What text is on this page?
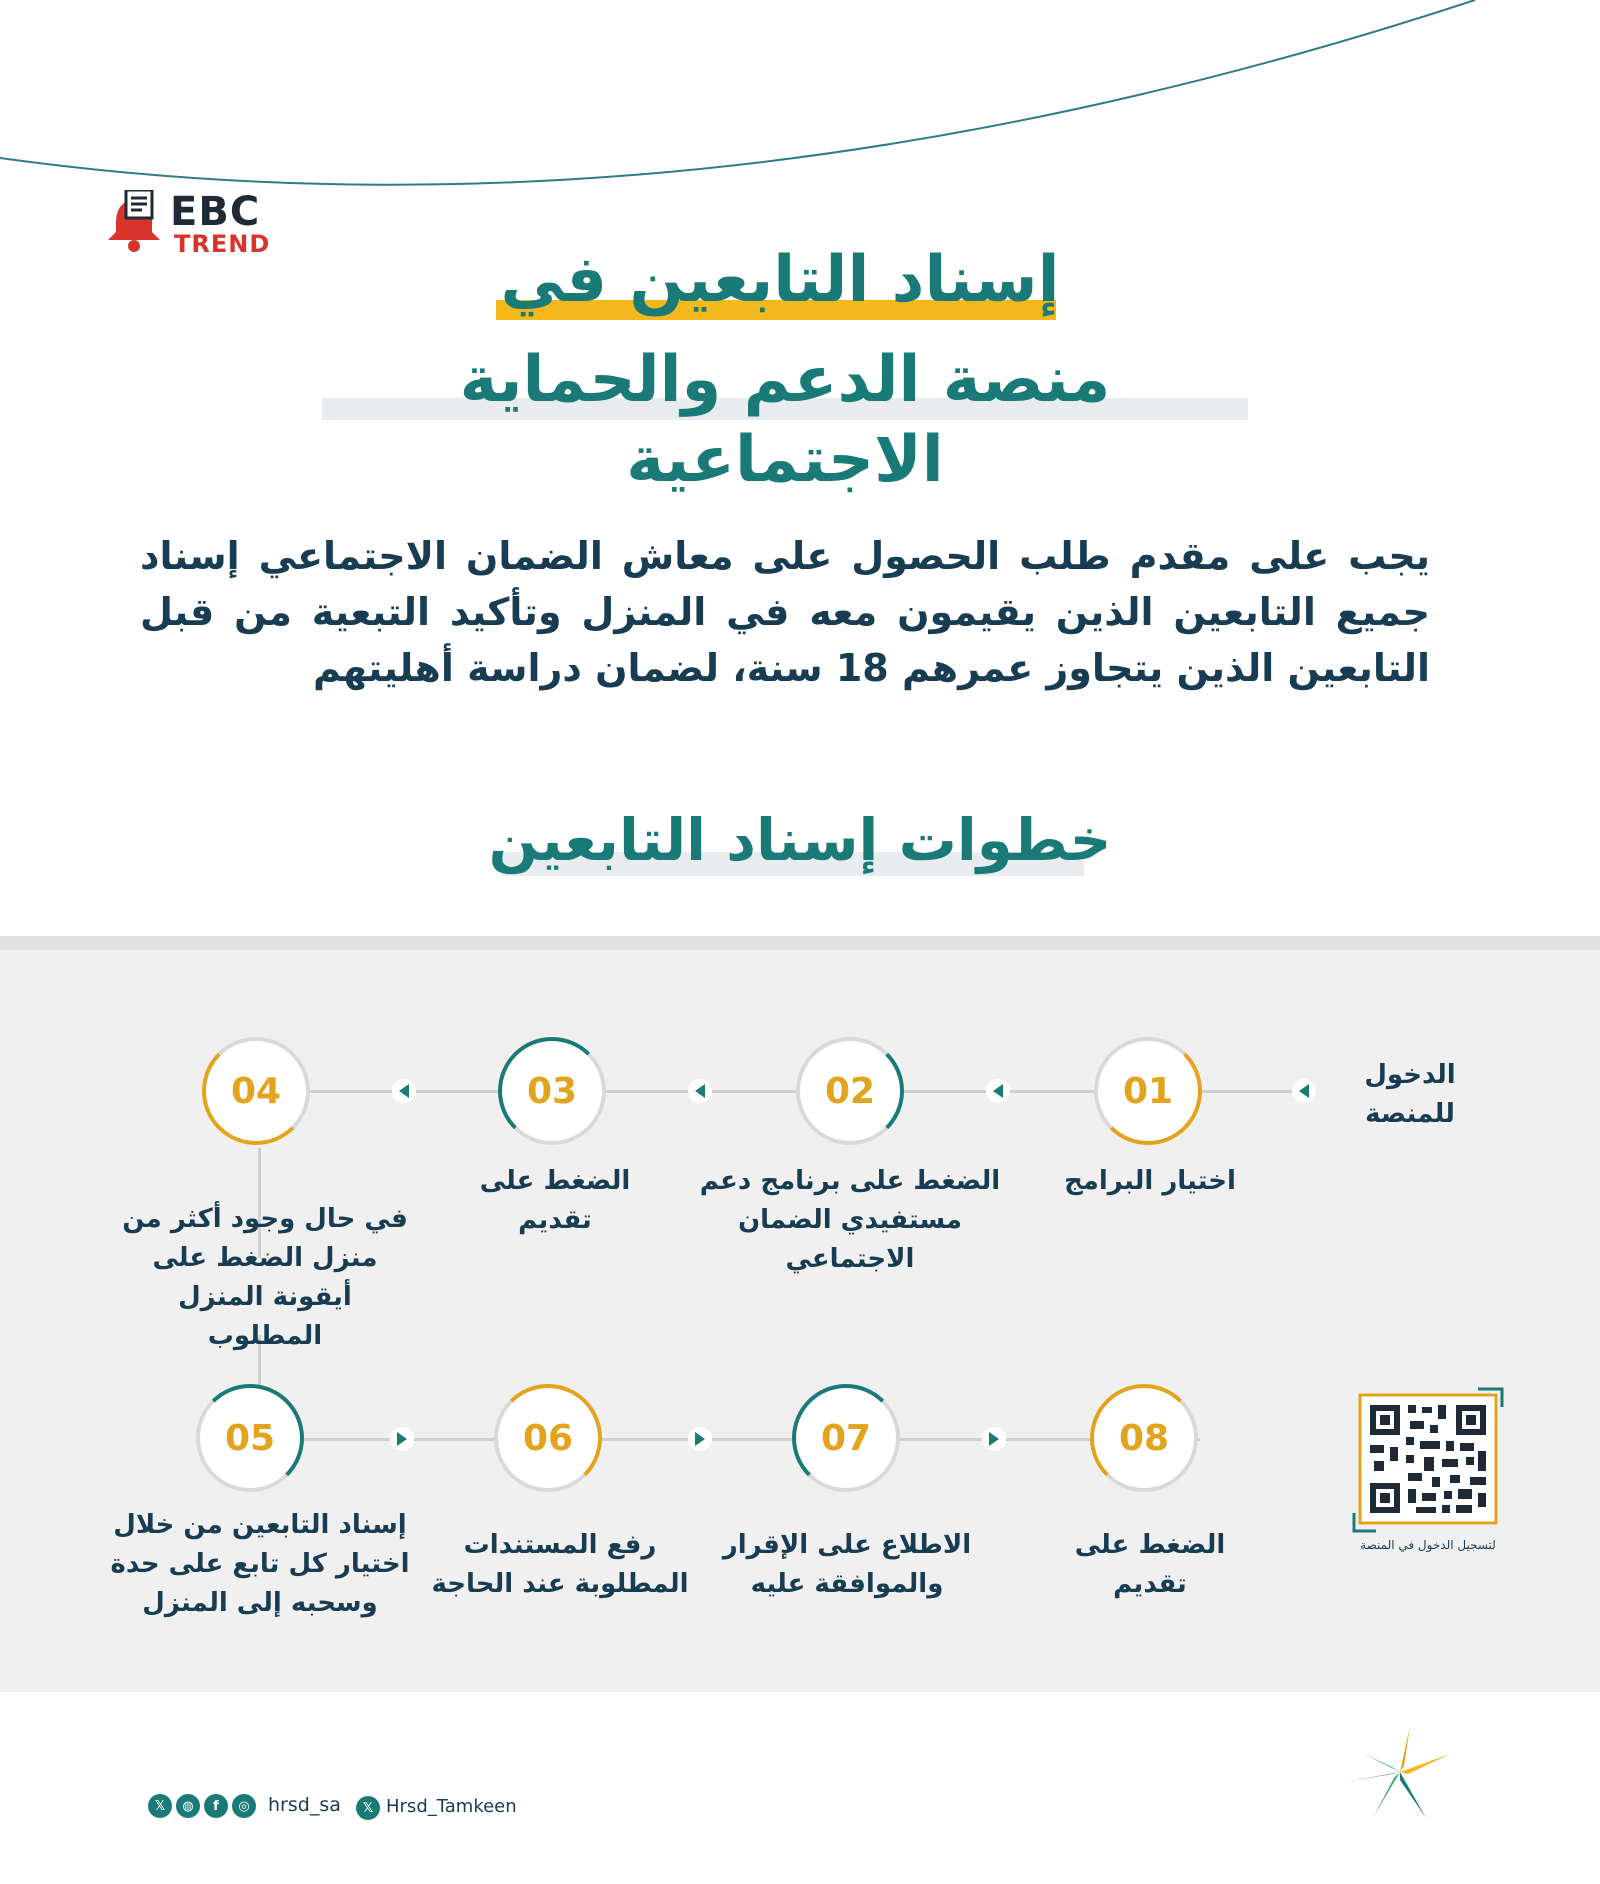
EBC
TREND	إسناد التابعين في
منصة الدعم والحماية الاجتماعية
يجب على مقدم طلب الحصول على معاش الضمان الاجتماعي إسناد جميع التابعين الذين يقيمون معه في المنزل وتأكيد التبعية من قبل التابعين الذين يتجاوز عمرهم 18 سنة، لضمان دراسة أهليتهم
خطوات إسناد التابعين
الدخول للمنصة
01
02
03
04
اختيار البرامج
الضغط على برنامج دعم مستفيدي الضمان الاجتماعي
الضغط على تقديم
في حال وجود أكثر من منزل الضغط على أيقونة المنزل المطلوب
05	06	07	08
إسناد التابعين من خلال اختيار كل تابع على حدة وسحبه إلى المنزل
رفع المستندات المطلوبة عند الحاجة
الاطلاع على الإقرار والموافقة عليه
الضغط على تقديم
لتسجيل الدخول في المنصة
𝕏	◍	f	◎ hrsd_sa	𝕏 Hrsd_Tamkeen
